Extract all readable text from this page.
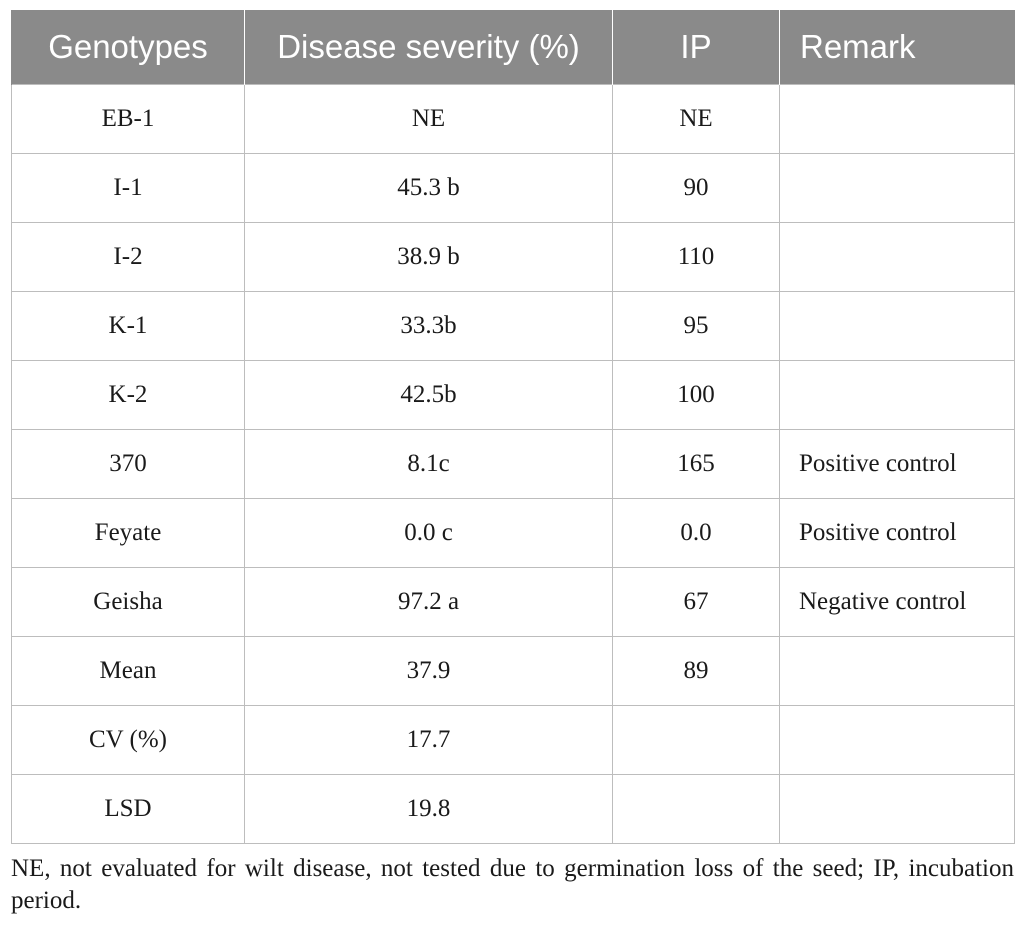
Genotypes	Disease severity (%)	IP	Remark
EB-1	NE	NE	
I-1	45.3 b	90	
I-2	38.9 b	110	
K-1	33.3b	95	
K-2	42.5b	100	
370	8.1c	165	Positive control
Feyate	0.0 c	0.0	Positive control
Geisha	97.2 a	67	Negative control
Mean	37.9	89	
CV (%)	17.7		
LSD	19.8		
NE, not evaluated for wilt disease, not tested due to germination loss of the seed; IP, incubation period.
